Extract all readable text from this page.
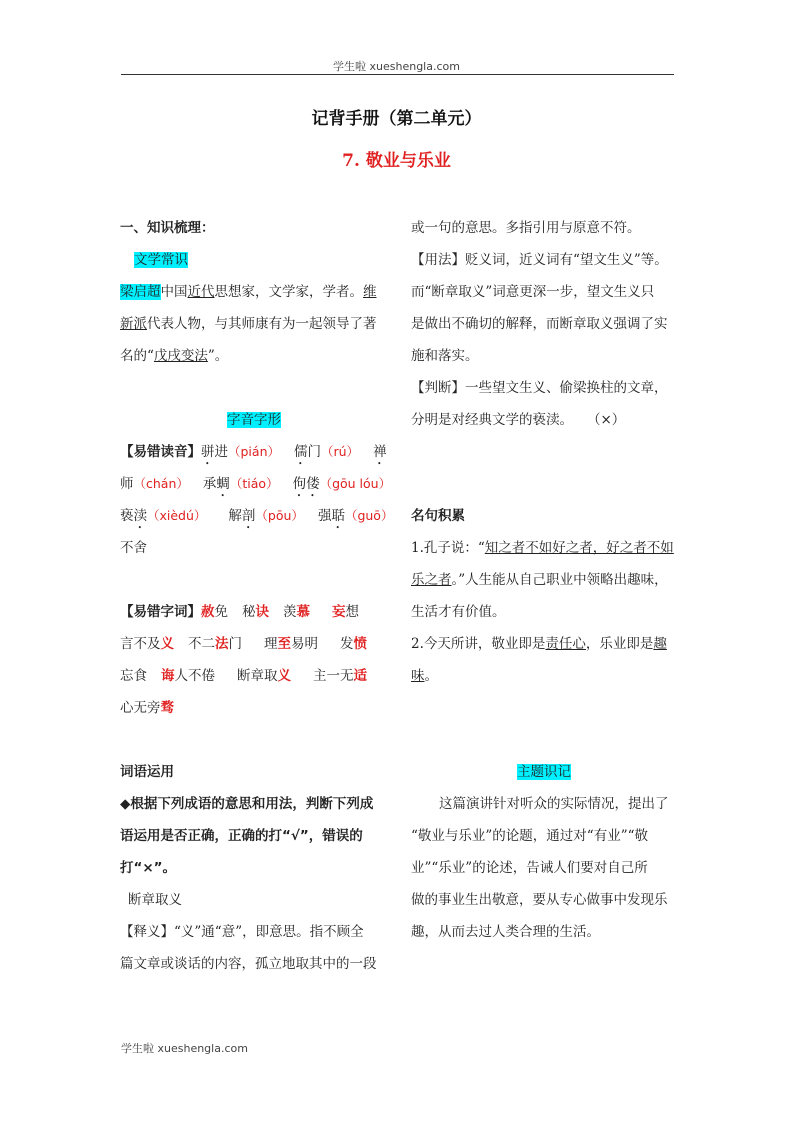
学生啦 xueshengla.com
记背手册（第二单元）
7. 敬业与乐业
一、知识梳理：
文学常识
梁启超中国近代思想家，文学家，学者。维
新派代表人物，与其师康有为一起领导了著
名的“戊戌变法”。
字音字形
【易错读音】骈进（pián） 儒门（rú） 禅
师（chán） 承蜩（tiáo） 佝偻（gōu lóu）
亵渎（xièdú） 解剖（pōu） 强聒（guō）
不舍
【易错字词】赦免 秘诀 羡慕 妄想
言不及义 不二法门 理至易明 发愤
忘食 诲人不倦 断章取义 主一无适
心无旁骛
词语运用
◆根据下列成语的意思和用法，判断下列成
语运用是否正确，正确的打“√”，错误的
打“×”。
断章取义
【释义】“义”通“意”，即意思。指不顾全
篇文章或谈话的内容，孤立地取其中的一段
或一句的意思。多指引用与原意不符。
【用法】贬义词，近义词有“望文生义”等。
而“断章取义”词意更深一步，望文生义只
是做出不确切的解释，而断章取义强调了实
施和落实。
【判断】一些望文生义、偷梁换柱的文章，
分明是对经典文学的亵渎。 （×）
名句积累
1.孔子说：“知之者不如好之者，好之者不如
乐之者。”人生能从自己职业中领略出趣味，
生活才有价值。
2.今天所讲，敬业即是责任心，乐业即是趣
味。
主题识记
这篇演讲针对听众的实际情况，提出了
“敬业与乐业”的论题，通过对“有业”“敬
业”“乐业”的论述，告诫人们要对自己所
做的事业生出敬意，要从专心做事中发现乐
趣，从而去过人类合理的生活。
学生啦 xueshengla.com
